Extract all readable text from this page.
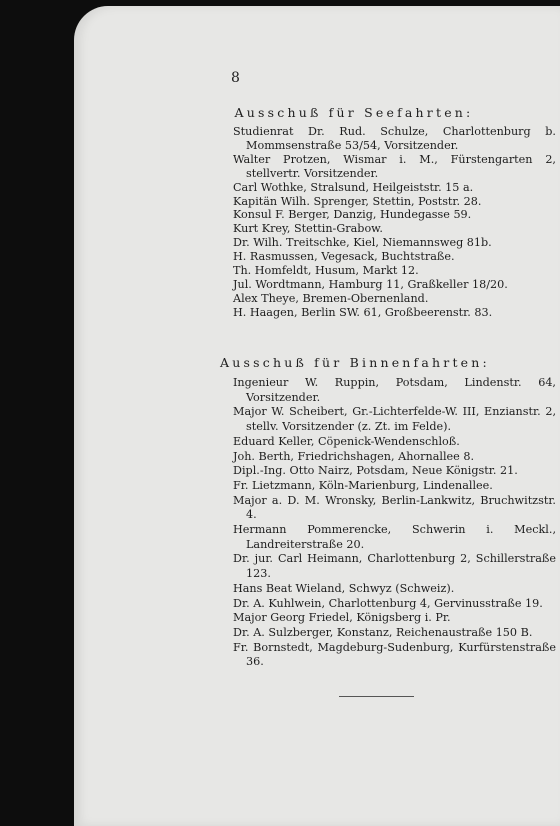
8
Ausschuß für Seefahrten:
Studienrat Dr. Rud. Schulze, Charlottenburg b. Mommsenstraße 53/54, Vorsitzender.
Walter Protzen, Wismar i. M., Fürstengarten 2, stellvertr. Vorsitzender.
Carl Wothke, Stralsund, Heilgeiststr. 15 a.
Kapitän Wilh. Sprenger, Stettin, Poststr. 28.
Konsul F. Berger, Danzig, Hundegasse 59.
Kurt Krey, Stettin-Grabow.
Dr. Wilh. Treitschke, Kiel, Niemannsweg 81b.
H. Rasmussen, Vegesack, Buchtstraße.
Th. Homfeldt, Husum, Markt 12.
Jul. Wordtmann, Hamburg 11, Graßkeller 18/20.
Alex Theye, Bremen-Obernenland.
H. Haagen, Berlin SW. 61, Großbeerenstr. 83.
Ausschuß für Binnenfahrten:
Ingenieur W. Ruppin, Potsdam, Lindenstr. 64, Vorsitzender.
Major W. Scheibert, Gr.-Lichterfelde-W. III, Enzianstr. 2, stellv. Vorsitzender (z. Zt. im Felde).
Eduard Keller, Cöpenick-Wendenschloß.
Joh. Berth, Friedrichshagen, Ahornallee 8.
Dipl.-Ing. Otto Nairz, Potsdam, Neue Königstr. 21.
Fr. Lietzmann, Köln-Marienburg, Lindenallee.
Major a. D. M. Wronsky, Berlin-Lankwitz, Bruchwitzstr. 4.
Hermann Pommerencke, Schwerin i. Meckl., Landreiterstraße 20.
Dr. jur. Carl Heimann, Charlottenburg 2, Schillerstraße 123.
Hans Beat Wieland, Schwyz (Schweiz).
Dr. A. Kuhlwein, Charlottenburg 4, Gervinusstraße 19.
Major Georg Friedel, Königsberg i. Pr.
Dr. A. Sulzberger, Konstanz, Reichenaustraße 150 B.
Fr. Bornstedt, Magdeburg-Sudenburg, Kurfürstenstraße 36.
